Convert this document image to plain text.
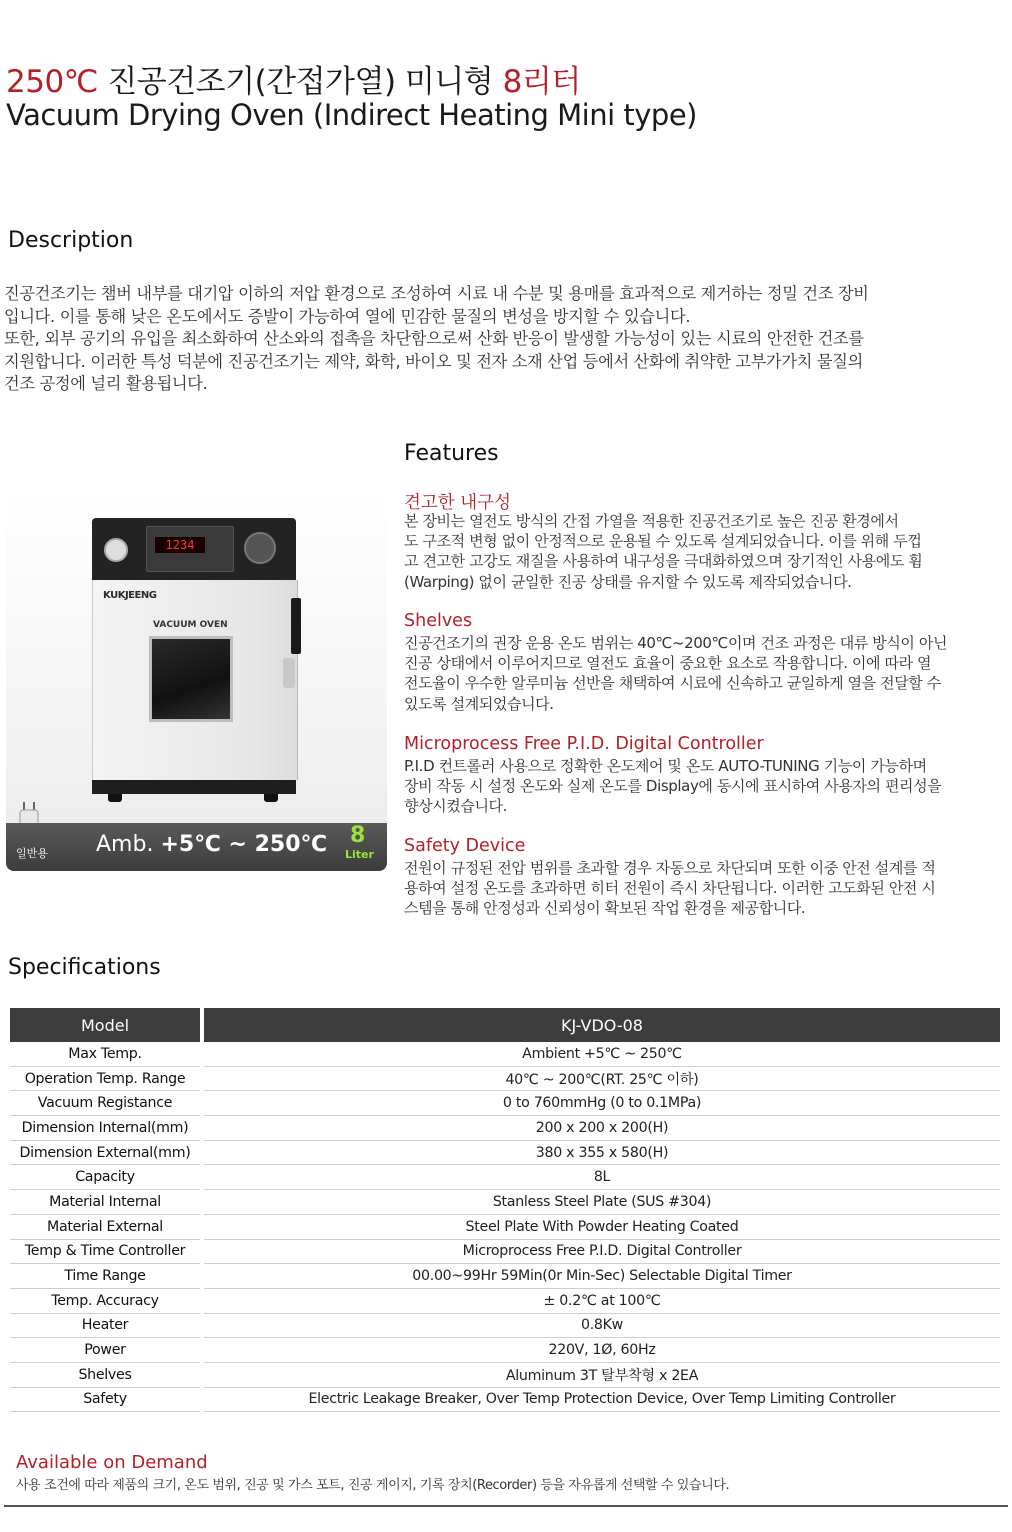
250℃ 진공건조기(간접가열) 미니형 8리터
Vacuum Drying Oven (Indirect Heating Mini type)
Description

진공건조기는 챔버 내부를 대기압 이하의 저압 환경으로 조성하여 시료 내 수분 및 용매를 효과적으로 제거하는 정밀 건조 장비

입니다. 이를 통해 낮은 온도에서도 증발이 가능하여 열에 민감한 물질의 변성을 방지할 수 있습니다.

또한, 외부 공기의 유입을 최소화하여 산소와의 접촉을 차단함으로써 산화 반응이 발생할 가능성이 있는 시료의 안전한 건조를

지원합니다. 이러한 특성 덕분에 진공건조기는 제약, 화학, 바이오 및 전자 소재 산업 등에서 산화에 취약한 고부가가치 물질의

건조 공정에 널리 활용됩니다.

1234
KUKJEENG
VACUUM OVEN
일반용 Amb. +5℃ ~ 250℃ 8
Liter
Features
견고한 내구성
본 장비는 열전도 방식의 간접 가열을 적용한 진공건조기로 높은 진공 환경에서
도 구조적 변형 없이 안정적으로 운용될 수 있도록 설계되었습니다. 이를 위해 두껍
고 견고한 고강도 재질을 사용하여 내구성을 극대화하였으며 장기적인 사용에도 휨
(Warping) 없이 균일한 진공 상태를 유지할 수 있도록 제작되었습니다.
Shelves
진공건조기의 권장 운용 온도 범위는 40℃~200℃이며 건조 과정은 대류 방식이 아닌
진공 상태에서 이루어지므로 열전도 효율이 중요한 요소로 작용합니다. 이에 따라 열
전도율이 우수한 알루미늄 선반을 채택하여 시료에 신속하고 균일하게 열을 전달할 수
있도록 설계되었습니다.
Microprocess Free P.I.D. Digital Controller
P.I.D 컨트롤러 사용으로 정확한 온도제어 및 온도 AUTO-TUNING 기능이 가능하며
장비 작동 시 설정 온도와 실제 온도를 Display에 동시에 표시하여 사용자의 편리성을
향상시켰습니다.
Safety Device
전원이 규정된 전압 범위를 초과할 경우 자동으로 차단되며 또한 이중 안전 설계를 적
용하여 설정 온도를 초과하면 히터 전원이 즉시 차단됩니다. 이러한 고도화된 안전 시
스템을 통해 안정성과 신뢰성이 확보된 작업 환경을 제공합니다.
Specifications
Model	KJ-VDO-08
Max Temp.	Ambient +5℃ ~ 250℃
Operation Temp. Range	40℃ ~ 200℃(RT. 25℃ 이하)
Vacuum Registance	0 to 760mmHg (0 to 0.1MPa)
Dimension Internal(mm)	200 x 200 x 200(H)
Dimension External(mm)	380 x 355 x 580(H)
Capacity	8L
Material Internal	Stanless Steel Plate (SUS #304)
Material External	Steel Plate With Powder Heating Coated
Temp & Time Controller	Microprocess Free P.I.D. Digital Controller
Time Range	00.00~99Hr 59Min(0r Min-Sec) Selectable Digital Timer
Temp. Accuracy	± 0.2℃ at 100℃
Heater	0.8Kw
Power	220V, 1Ø, 60Hz
Shelves	Aluminum 3T 탈부착형 x 2EA
Safety	Electric Leakage Breaker, Over Temp Protection Device, Over Temp Limiting Controller
Available on Demand
사용 조건에 따라 제품의 크기, 온도 범위, 진공 및 가스 포트, 진공 게이지, 기록 장치(Recorder) 등을 자유롭게 선택할 수 있습니다.
